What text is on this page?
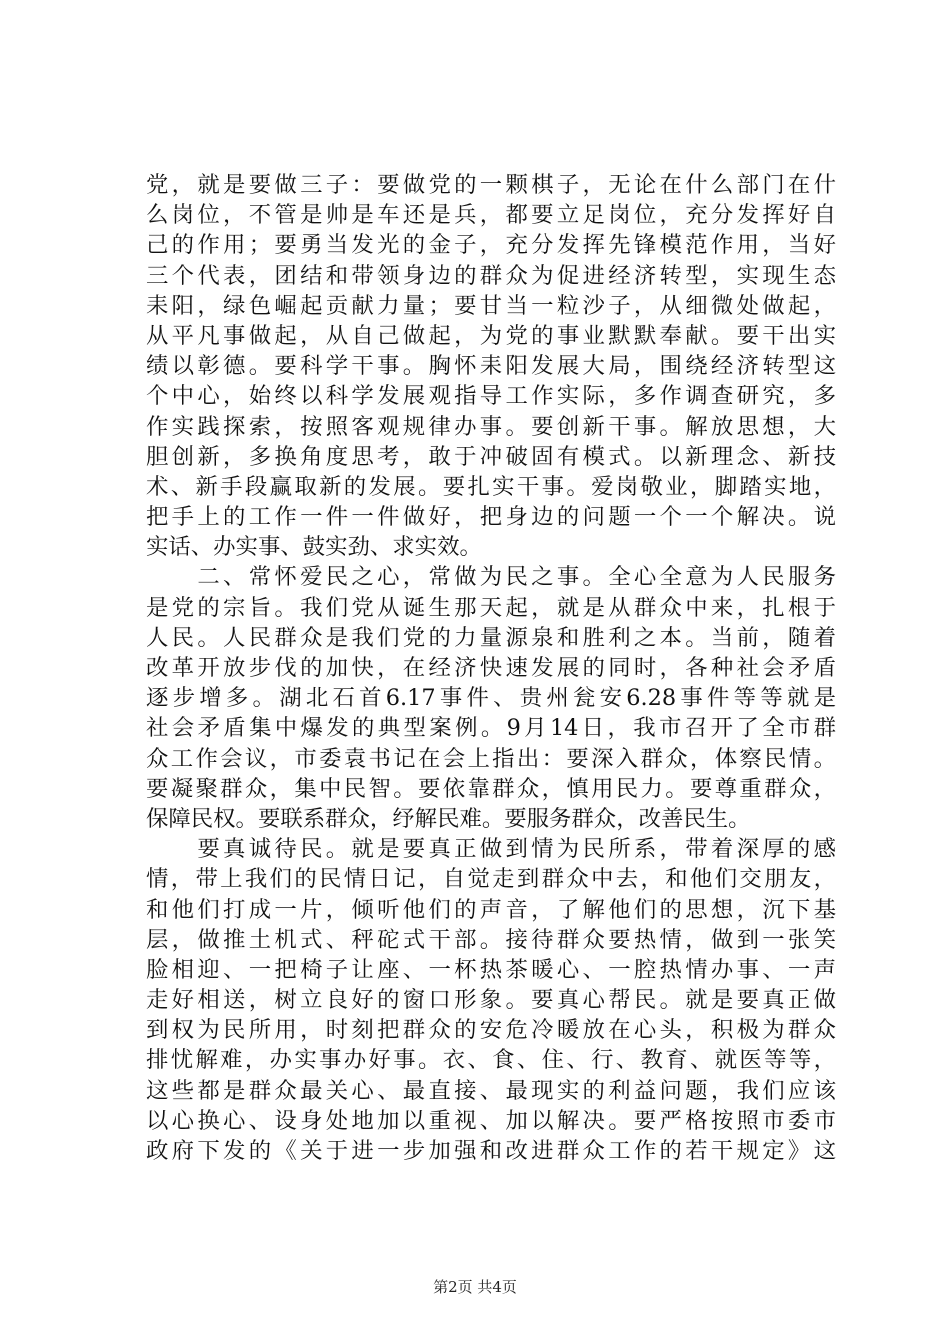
党，就是要做三子：要做党的一颗棋子，无论在什么部门在什
么岗位，不管是帅是车还是兵，都要立足岗位，充分发挥好自
己的作用；要勇当发光的金子，充分发挥先锋模范作用，当好
三个代表，团结和带领身边的群众为促进经济转型，实现生态
耒阳，绿色崛起贡献力量；要甘当一粒沙子，从细微处做起，
从平凡事做起，从自己做起，为党的事业默默奉献。要干出实
绩以彰德。要科学干事。胸怀耒阳发展大局，围绕经济转型这
个中心，始终以科学发展观指导工作实际，多作调查研究，多
作实践探索，按照客观规律办事。要创新干事。解放思想，大
胆创新，多换角度思考，敢于冲破固有模式。以新理念、新技
术、新手段赢取新的发展。要扎实干事。爱岗敬业，脚踏实地，
把手上的工作一件一件做好，把身边的问题一个一个解决。说
实话、办实事、鼓实劲、求实效。
　　二、常怀爱民之心，常做为民之事。全心全意为人民服务
是党的宗旨。我们党从诞生那天起，就是从群众中来，扎根于
人民。人民群众是我们党的力量源泉和胜利之本。当前，随着
改革开放步伐的加快，在经济快速发展的同时，各种社会矛盾
逐步增多。湖北石首6.17事件、贵州瓮安6.28事件等等就是
社会矛盾集中爆发的典型案例。9月14日，我市召开了全市群
众工作会议，市委袁书记在会上指出：要深入群众，体察民情。
要凝聚群众，集中民智。要依靠群众，慎用民力。要尊重群众，
保障民权。要联系群众，纾解民难。要服务群众，改善民生。
　　要真诚待民。就是要真正做到情为民所系，带着深厚的感
情，带上我们的民情日记，自觉走到群众中去，和他们交朋友，
和他们打成一片，倾听他们的声音，了解他们的思想，沉下基
层，做推土机式、秤砣式干部。接待群众要热情，做到一张笑
脸相迎、一把椅子让座、一杯热茶暖心、一腔热情办事、一声
走好相送，树立良好的窗口形象。要真心帮民。就是要真正做
到权为民所用，时刻把群众的安危冷暖放在心头，积极为群众
排忧解难，办实事办好事。衣、食、住、行、教育、就医等等，
这些都是群众最关心、最直接、最现实的利益问题，我们应该
以心换心、设身处地加以重视、加以解决。要严格按照市委市
政府下发的《关于进一步加强和改进群众工作的若干规定》这
第2页 共4页
